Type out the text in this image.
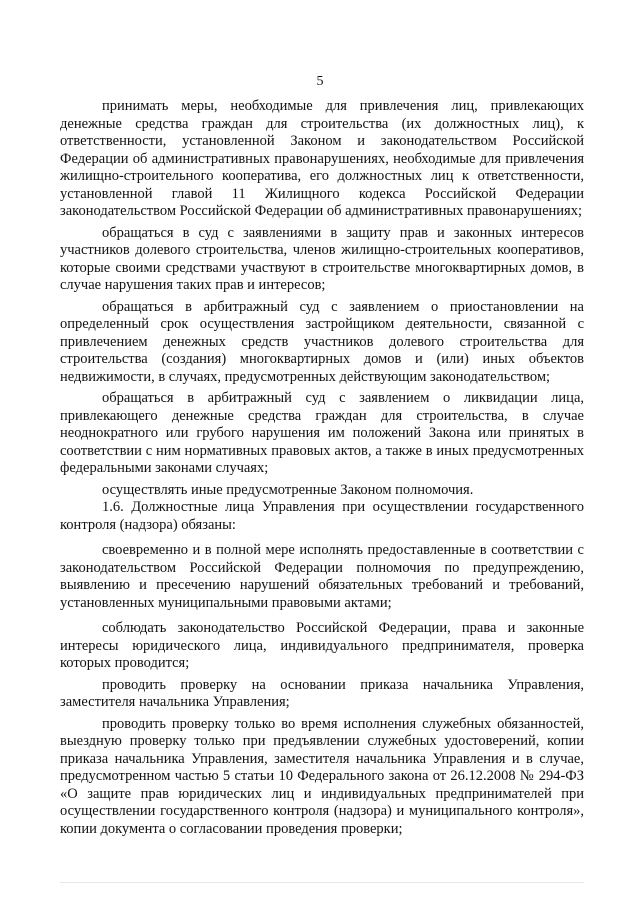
5

принимать меры, необходимые для привлечения лиц, привлекающих денежные средства граждан для строительства (их должностных лиц), к ответственности, установленной Законом и законодательством Российской Федерации об административных правонарушениях, необходимые для привлечения жилищно-строительного кооператива, его должностных лиц к ответственности, установленной главой 11 Жилищного кодекса Российской Федерации законодательством Российской Федерации об административных правонарушениях;

обращаться в суд с заявлениями в защиту прав и законных интересов участников долевого строительства, членов жилищно-строительных кооперативов, которые своими средствами участвуют в строительстве многоквартирных домов, в случае нарушения таких прав и интересов;

обращаться в арбитражный суд с заявлением о приостановлении на определенный срок осуществления застройщиком деятельности, связанной с привлечением денежных средств участников долевого строительства для строительства (создания) многоквартирных домов и (или) иных объектов недвижимости, в случаях, предусмотренных действующим законодательством;

обращаться в арбитражный суд с заявлением о ликвидации лица, привлекающего денежные средства граждан для строительства, в случае неоднократного или грубого нарушения им положений Закона или принятых в соответствии с ним нормативных правовых актов, а также в иных предусмотренных федеральными законами случаях;

осуществлять иные предусмотренные Законом полномочия.

1.6. Должностные лица Управления при осуществлении государственного контроля (надзора) обязаны:

своевременно и в полной мере исполнять предоставленные в соответствии с законодательством Российской Федерации полномочия по предупреждению, выявлению и пресечению нарушений обязательных требований и требований, установленных муниципальными правовыми актами;

соблюдать законодательство Российской Федерации, права и законные интересы юридического лица, индивидуального предпринимателя, проверка которых проводится;

проводить проверку на основании приказа начальника Управления, заместителя начальника Управления;

проводить проверку только во время исполнения служебных обязанностей, выездную проверку только при предъявлении служебных удостоверений, копии приказа начальника Управления, заместителя начальника Управления и в случае, предусмотренном частью 5 статьи 10 Федерального закона от 26.12.2008 № 294-ФЗ «О защите прав юридических лиц и индивидуальных предпринимателей при осуществлении государственного контроля (надзора) и муниципального контроля», копии документа о согласовании проведения проверки;
